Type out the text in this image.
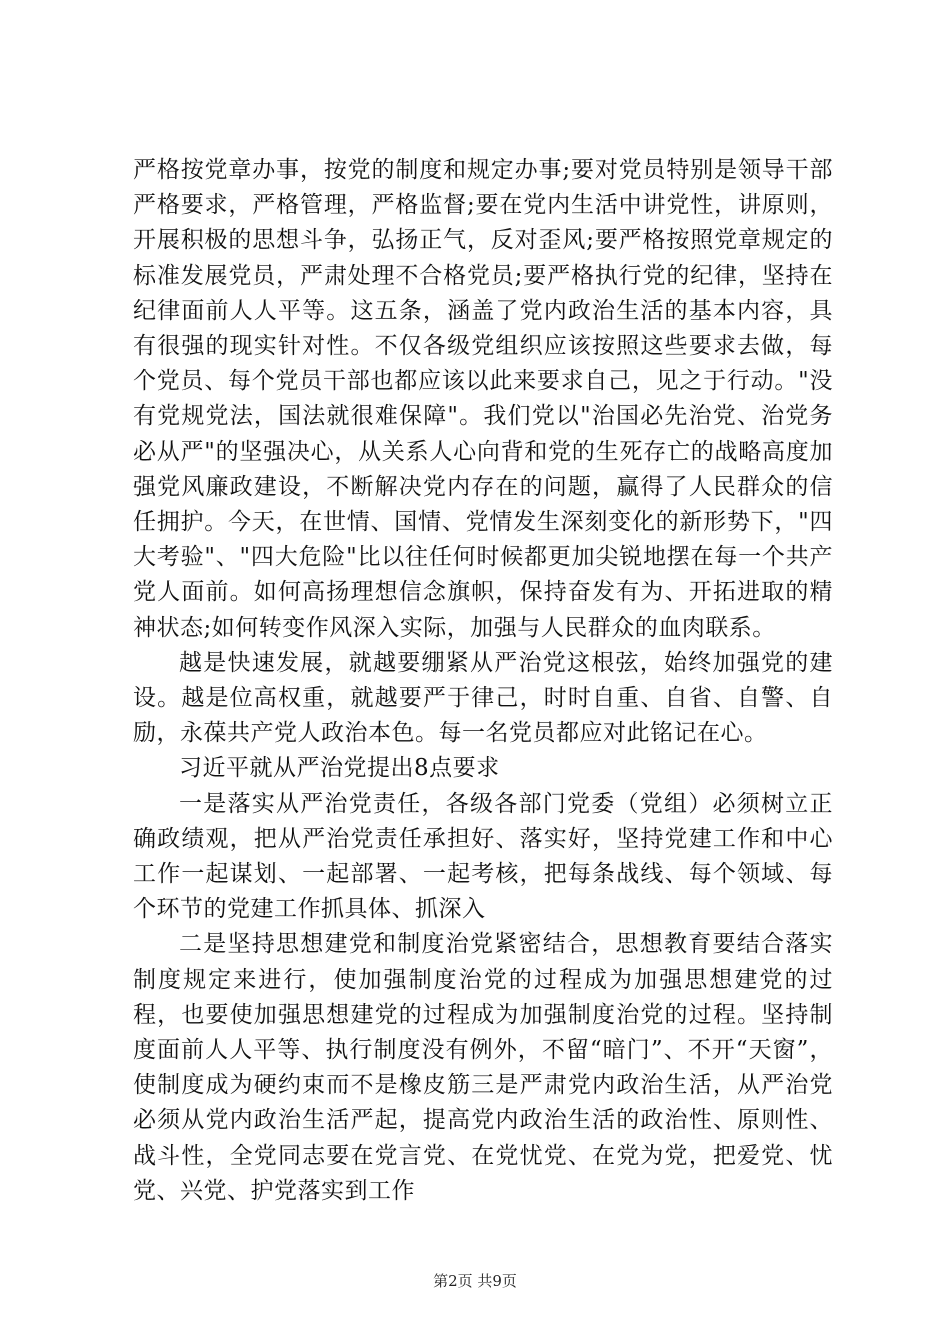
严格按党章办事，按党的制度和规定办事;要对党员特别是领导干部严格要求，严格管理，严格监督;要在党内生活中讲党性，讲原则，开展积极的思想斗争，弘扬正气，反对歪风;要严格按照党章规定的标准发展党员，严肃处理不合格党员;要严格执行党的纪律，坚持在纪律面前人人平等。这五条，涵盖了党内政治生活的基本内容，具有很强的现实针对性。不仅各级党组织应该按照这些要求去做，每个党员、每个党员干部也都应该以此来要求自己，见之于行动。"没有党规党法，国法就很难保障"。我们党以"治国必先治党、治党务必从严"的坚强决心，从关系人心向背和党的生死存亡的战略高度加强党风廉政建设，不断解决党内存在的问题，赢得了人民群众的信任拥护。今天，在世情、国情、党情发生深刻变化的新形势下，"四大考验"、"四大危险"比以往任何时候都更加尖锐地摆在每一个共产党人面前。如何高扬理想信念旗帜，保持奋发有为、开拓进取的精神状态;如何转变作风深入实际，加强与人民群众的血肉联系。

越是快速发展，就越要绷紧从严治党这根弦，始终加强党的建设。越是位高权重，就越要严于律己，时时自重、自省、自警、自励，永葆共产党人政治本色。每一名党员都应对此铭记在心。

习近平就从严治党提出8点要求

一是落实从严治党责任，各级各部门党委（党组）必须树立正确政绩观，把从严治党责任承担好、落实好，坚持党建工作和中心工作一起谋划、一起部署、一起考核，把每条战线、每个领域、每个环节的党建工作抓具体、抓深入

二是坚持思想建党和制度治党紧密结合，思想教育要结合落实制度规定来进行，使加强制度治党的过程成为加强思想建党的过程，也要使加强思想建党的过程成为加强制度治党的过程。坚持制度面前人人平等、执行制度没有例外，不留“暗门”、不开“天窗”，使制度成为硬约束而不是橡皮筋三是严肃党内政治生活，从严治党必须从党内政治生活严起，提高党内政治生活的政治性、原则性、战斗性，全党同志要在党言党、在党忧党、在党为党，把爱党、忧党、兴党、护党落实到工作

第2页 共9页
